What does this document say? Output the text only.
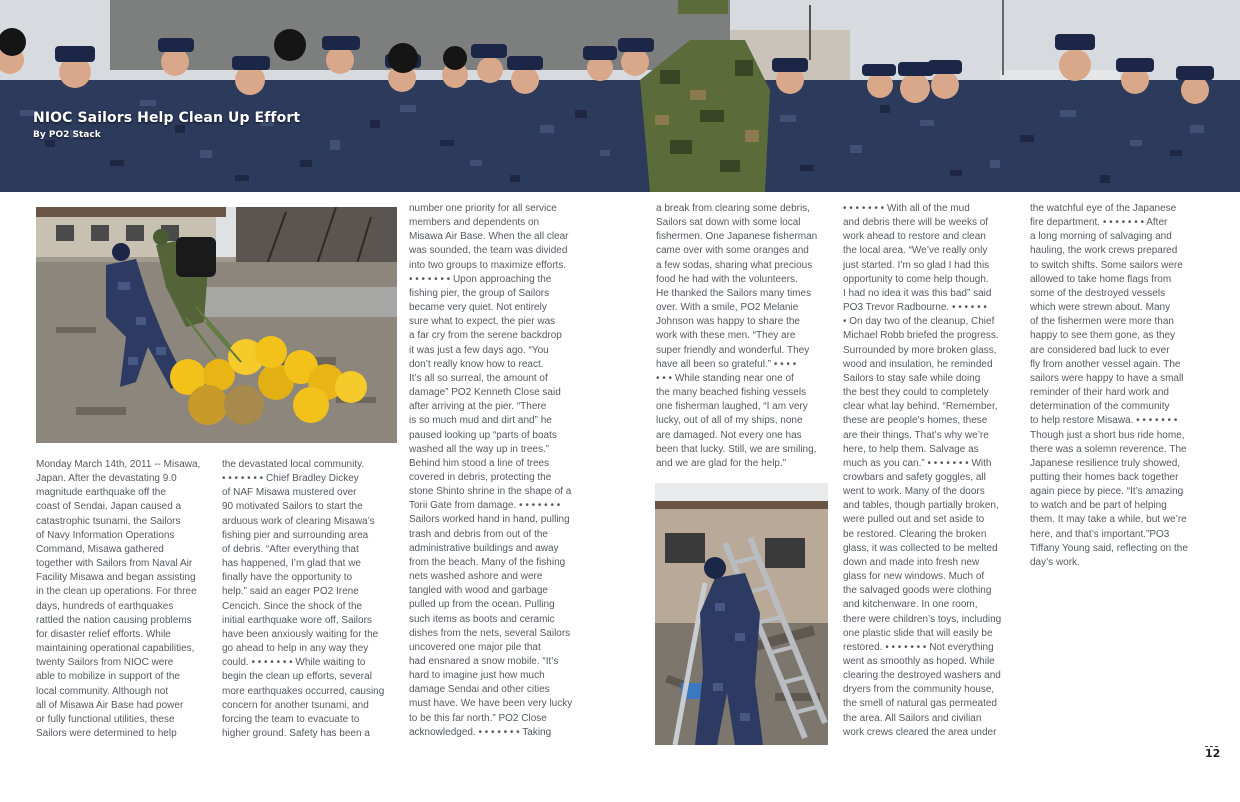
NIOC Sailors Help Clean Up Effort

By PO2 Stack

Monday March 14th, 2011 -- Misawa,
Japan. After the devastating 9.0
magnitude earthquake off the
coast of Sendai, Japan caused a
catastrophic tsunami, the Sailors
of Navy Information Operations
Command, Misawa gathered
together with Sailors from Naval Air
Facility Misawa and began assisting
in the clean up operations. For three
days, hundreds of earthquakes
rattled the nation causing problems
for disaster relief efforts. While
maintaining operational capabilities,
twenty Sailors from NIOC were
able to mobilize in support of the
local community. Although not
all of Misawa Air Base had power
or fully functional utilities, these
Sailors were determined to help

the devastated local community.
• • • • • • • Chief Bradley Dickey
of NAF Misawa mustered over
90 motivated Sailors to start the
arduous work of clearing Misawa’s
fishing pier and surrounding area
of debris. “After everything that
has happened, I’m glad that we
finally have the opportunity to
help.” said an eager PO2 Irene
Cencich. Since the shock of the
initial earthquake wore off, Sailors
have been anxiously waiting for the
go ahead to help in any way they
could. • • • • • • • While waiting to
begin the clean up efforts, several
more earthquakes occurred, causing
concern for another tsunami, and
forcing the team to evacuate to
higher ground. Safety has been a

number one priority for all service
members and dependents on
Misawa Air Base. When the all clear
was sounded, the team was divided
into two groups to maximize efforts.
• • • • • • • Upon approaching the
fishing pier, the group of Sailors
became very quiet. Not entirely
sure what to expect, the pier was
a far cry from the serene backdrop
it was just a few days ago. “You
don’t really know how to react.
It’s all so surreal, the amount of
damage” PO2 Kenneth Close said
after arriving at the pier. “There
is so much mud and dirt and” he
paused looking up “parts of boats
washed all the way up in trees.”
Behind him stood a line of trees
covered in debris, protecting the
stone Shinto shrine in the shape of a
Torii Gate from damage. • • • • • • •
Sailors worked hand in hand, pulling
trash and debris from out of the
administrative buildings and away
from the beach. Many of the fishing
nets washed ashore and were
tangled with wood and garbage
pulled up from the ocean. Pulling
such items as boots and ceramic
dishes from the nets, several Sailors
uncovered one major pile that
had ensnared a snow mobile. “It’s
hard to imagine just how much
damage Sendai and other cities
must have. We have been very lucky
to be this far north.” PO2 Close
acknowledged. • • • • • • • Taking

a break from clearing some debris,
Sailors sat down with some local
fishermen. One Japanese fisherman
came over with some oranges and
a few sodas, sharing what precious
food he had with the volunteers.
He thanked the Sailors many times
over. With a smile, PO2 Melanie
Johnson was happy to share the
work with these men. “They are
super friendly and wonderful. They
have all been so grateful.” • • • •
• • • While standing near one of
the many beached fishing vessels
one fisherman laughed, “I am very
lucky, out of all of my ships, none
are damaged. Not every one has
been that lucky. Still, we are smiling,
and we are glad for the help.”

• • • • • • • With all of the mud
and debris there will be weeks of
work ahead to restore and clean
the local area. “We’ve really only
just started. I’m so glad I had this
opportunity to come help though.
I had no idea it was this bad” said
PO3 Trevor Radbourne. • • • • • •
• On day two of the cleanup, Chief
Michael Robb briefed the progress.
Surrounded by more broken glass,
wood and insulation, he reminded
Sailors to stay safe while doing
the best they could to completely
clear what lay behind. “Remember,
these are people’s homes, these
are their things. That’s why we’re
here, to help them. Salvage as
much as you can.” • • • • • • • With
crowbars and safety goggles, all
went to work. Many of the doors
and tables, though partially broken,
were pulled out and set aside to
be restored. Clearing the broken
glass, it was collected to be melted
down and made into fresh new
glass for new windows. Much of
the salvaged goods were clothing
and kitchenware. In one room,
there were children’s toys, including
one plastic slide that will easily be
restored. • • • • • • • Not everything
went as smoothly as hoped. While
clearing the destroyed washers and
dryers from the community house,
the smell of natural gas permeated
the area. All Sailors and civilian
work crews cleared the area under

the watchful eye of the Japanese
fire department. • • • • • • • After
a long morning of salvaging and
hauling, the work crews prepared
to switch shifts. Some sailors were
allowed to take home flags from
some of the destroyed vessels
which were strewn about. Many
of the fishermen were more than
happy to see them gone, as they
are considered bad luck to ever
fly from another vessel again. The
sailors were happy to have a small
reminder of their hard work and
determination of the community
to help restore Misawa. • • • • • • •
Though just a short bus ride home,
there was a solemn reverence. The
Japanese resilience truly showed,
putting their homes back together
again piece by piece. “It’s amazing
to watch and be part of helping
them. It may take a while, but we’re
here, and that’s important.”PO3
Tiffany Young said, reflecting on the
day’s work.

12
